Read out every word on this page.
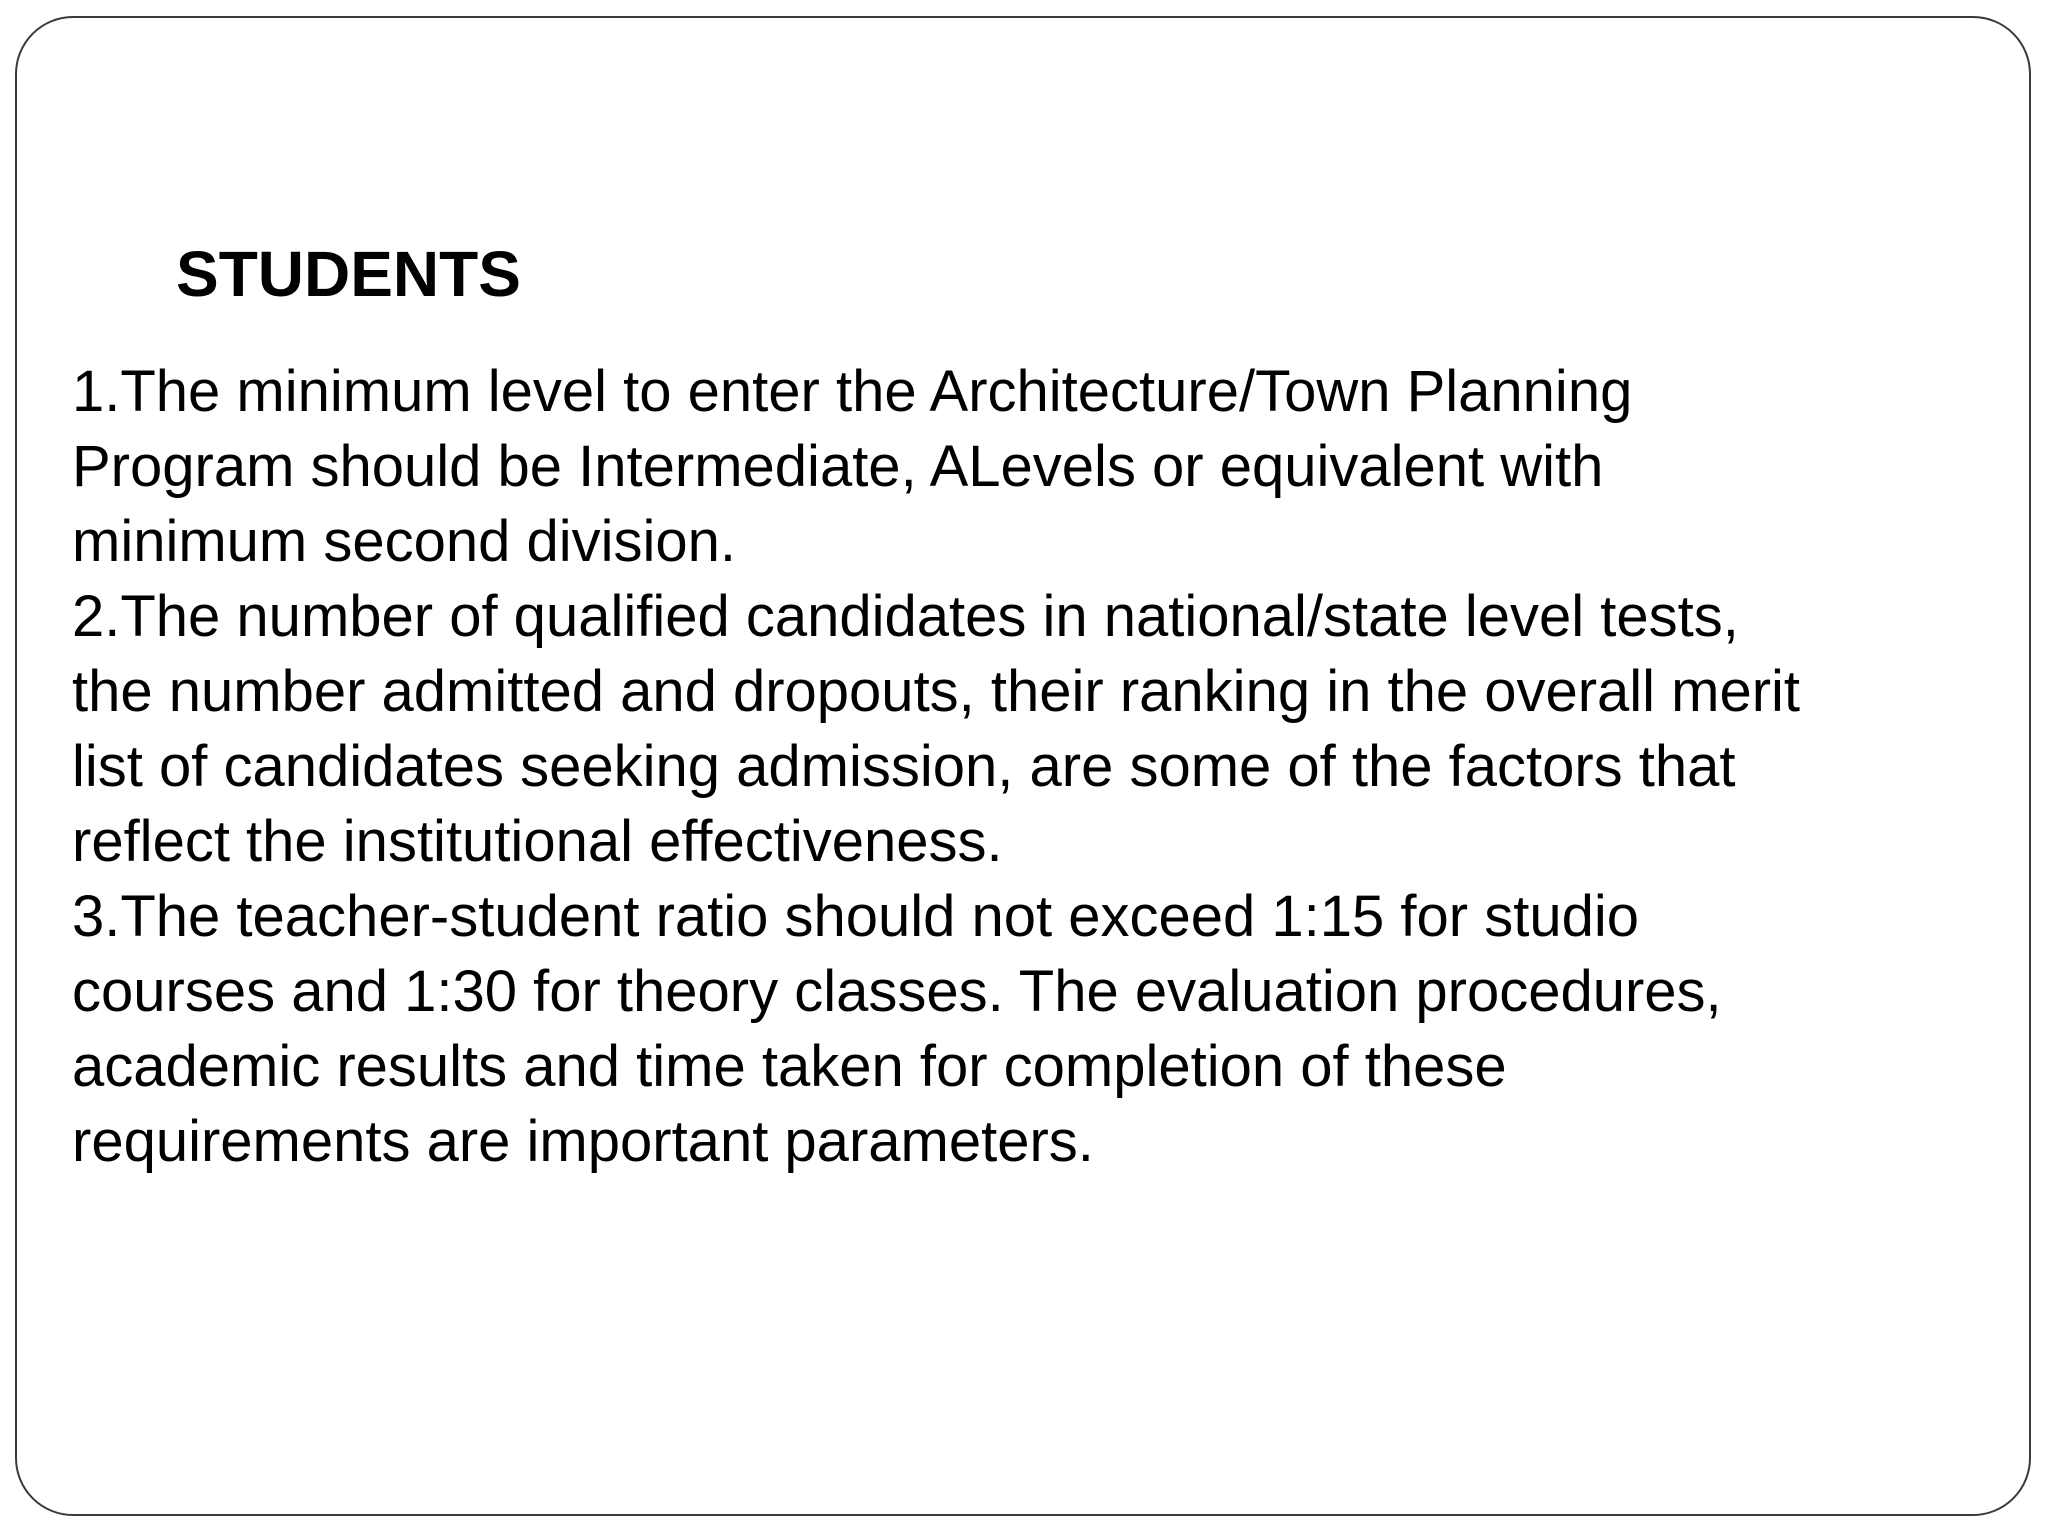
STUDENTS
1.The minimum level to enter the Architecture/Town Planning
Program should be Intermediate, ALevels or equivalent with
minimum second division.
2.The number of qualified candidates in national/state level tests,
the number admitted and dropouts, their ranking in the overall merit
list of candidates seeking admission, are some of the factors that
reflect the institutional effectiveness.
3.The teacher-student ratio should not exceed 1:15 for studio
courses and 1:30 for theory classes. The evaluation procedures,
academic results and time taken for completion of these
requirements are important parameters.
